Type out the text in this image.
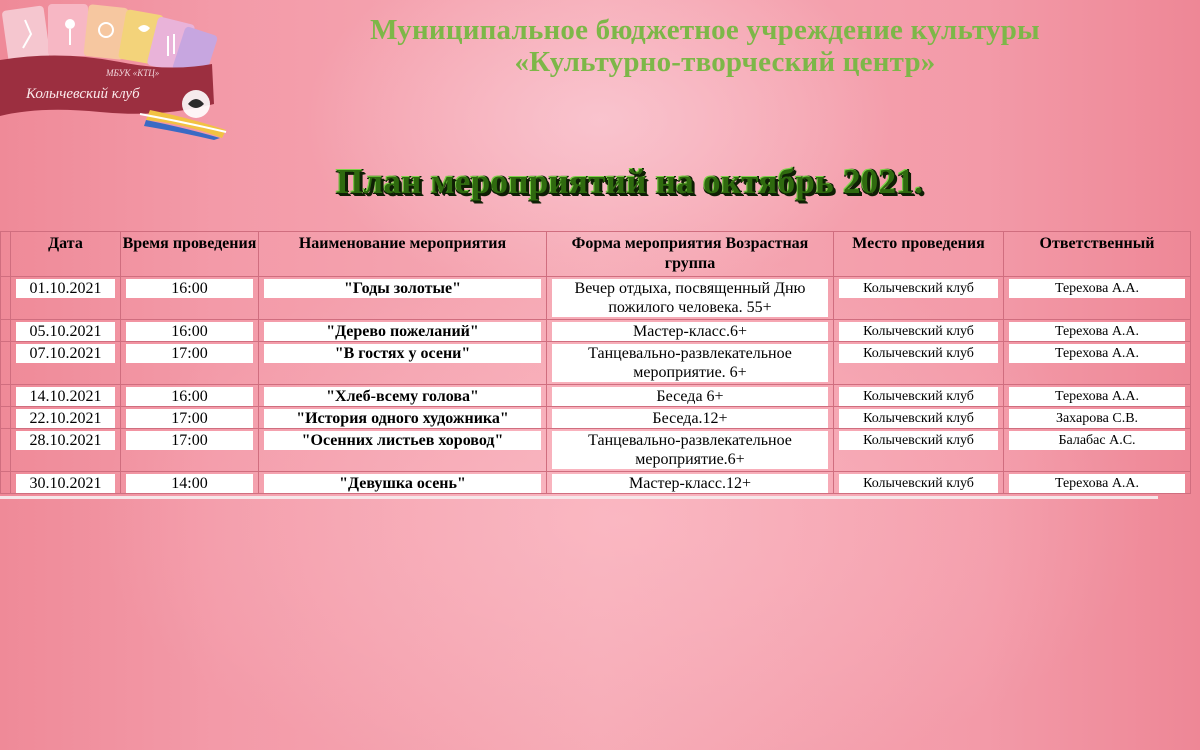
МБУК «КТЦ»
Колычевский клуб
Муниципальное бюджетное учреждение культуры
«Культурно-творческий центр»
План мероприятий на октябрь 2021.
	Дата	Время проведения	Наименование мероприятия	Форма мероприятия Возрастная группа	Место проведения	Ответственный

	01.10.2021	16:00	"Годы золотые"	Вечер отдыха, посвященный Дню пожилого человека. 55+	Колычевский клуб	Терехова А.А.

	05.10.2021	16:00	"Дерево пожеланий"	Мастер-класс.6+	Колычевский клуб	Терехова А.А.

	07.10.2021	17:00	"В гостях у осени"	Танцевально-развлекательное мероприятие. 6+	Колычевский клуб	Терехова А.А.

	14.10.2021	16:00	"Хлеб-всему голова"	Беседа 6+	Колычевский клуб	Терехова А.А.

	22.10.2021	17:00	"История одного художника"	Беседа.12+	Колычевский клуб	Захарова С.В.

	28.10.2021	17:00	"Осенних листьев хоровод"	Танцевально-развлекательное мероприятие.6+	Колычевский клуб	Балабас А.С.

	30.10.2021	14:00	"Девушка осень"	Мастер-класс.12+	Колычевский клуб	Терехова А.А.
